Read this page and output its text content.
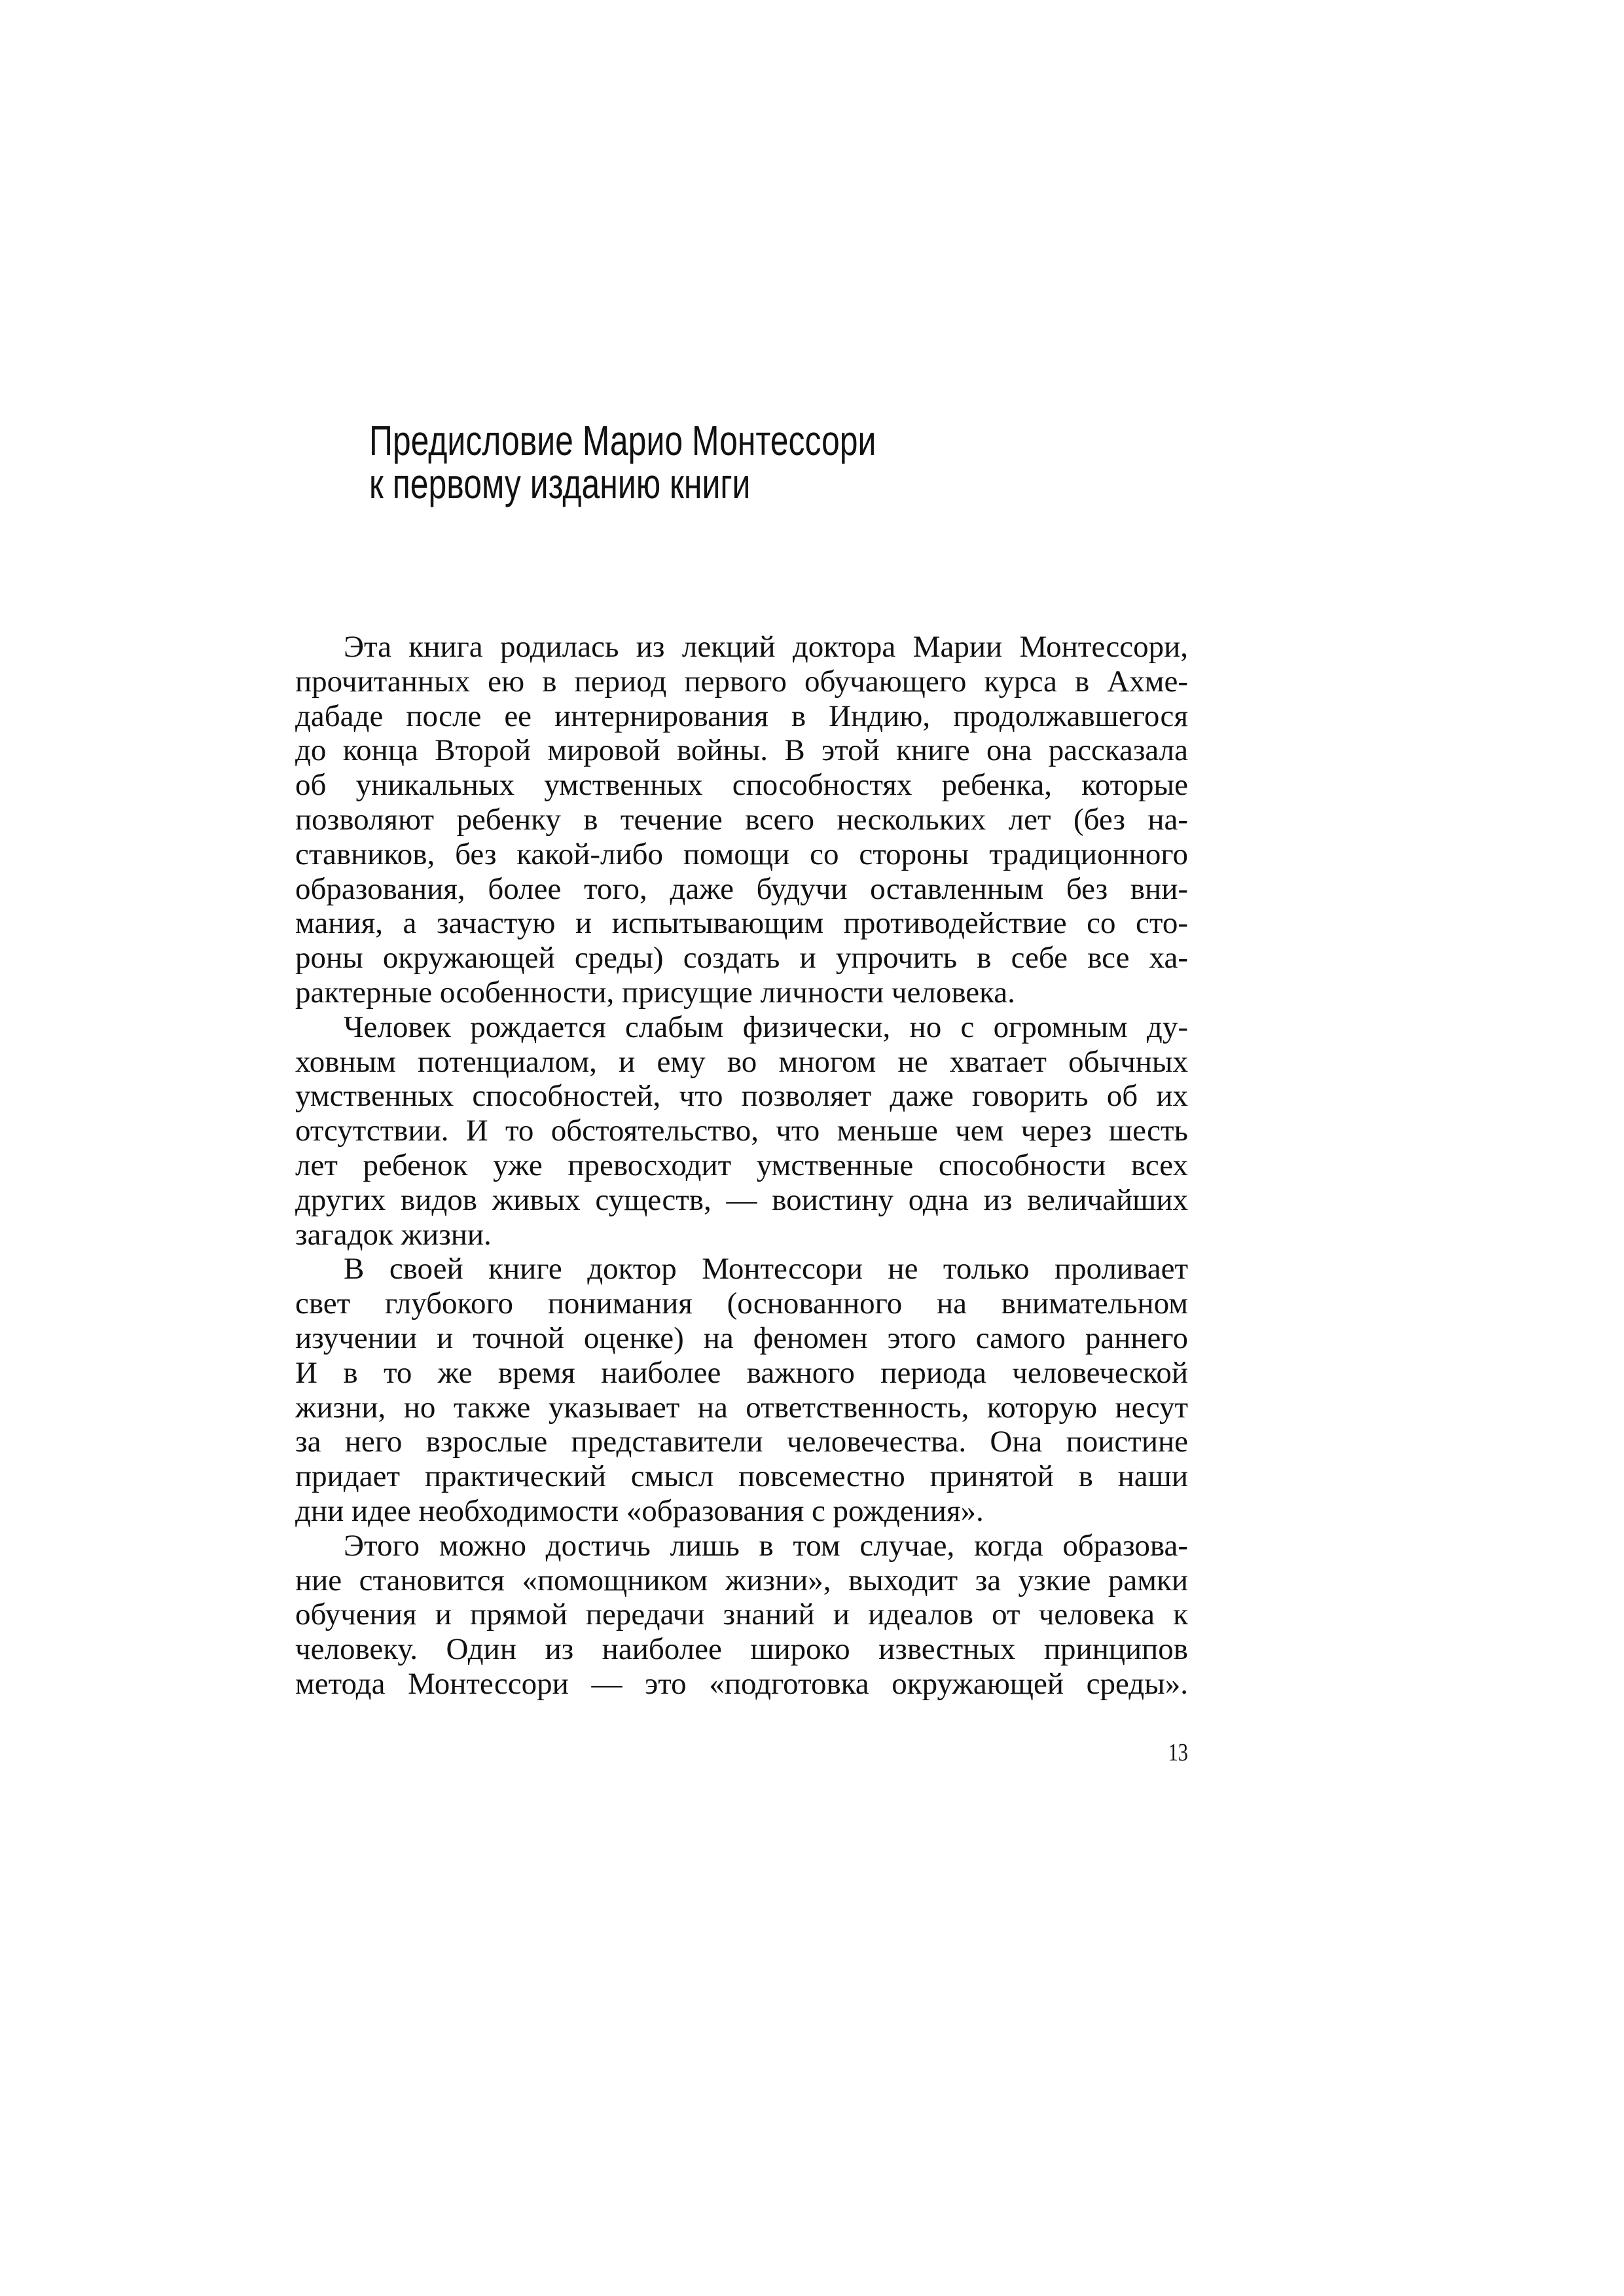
Предисловие Марио Монтессори
к первому изданию книги
Эта книга родилась из лекций доктора Марии Монтессори,
прочитанных ею в период первого обучающего курса в Ахме-
дабаде после ее интернирования в Индию, продолжавшегося
до конца Второй мировой войны. В этой книге она рассказала
об уникальных умственных способностях ребенка, которые
позволяют ребенку в течение всего нескольких лет (без на-
ставников, без какой-либо помощи со стороны традиционного
образования, более того, даже будучи оставленным без вни-
мания, а зачастую и испытывающим противодействие со сто-
роны окружающей среды) создать и упрочить в себе все ха-
рактерные особенности, присущие личности человека.
Человек рождается слабым физически, но с огромным ду-
ховным потенциалом, и ему во многом не хватает обычных
умственных способностей, что позволяет даже говорить об их
отсутствии. И то обстоятельство, что меньше чем через шесть
лет ребенок уже превосходит умственные способности всех
других видов живых существ, — воистину одна из величайших
загадок жизни.
В своей книге доктор Монтессори не только проливает
свет глубокого понимания (основанного на внимательном
изучении и точной оценке) на феномен этого самого раннего
И в то же время наиболее важного периода человеческой
жизни, но также указывает на ответственность, которую несут
за него взрослые представители человечества. Она поистине
придает практический смысл повсеместно принятой в наши
дни идее необходимости «образования с рождения».
Этого можно достичь лишь в том случае, когда образова-
ние становится «помощником жизни», выходит за узкие рамки
обучения и прямой передачи знаний и идеалов от человека к
человеку. Один из наиболее широко известных принципов
метода Монтессори — это «подготовка окружающей среды».
13
